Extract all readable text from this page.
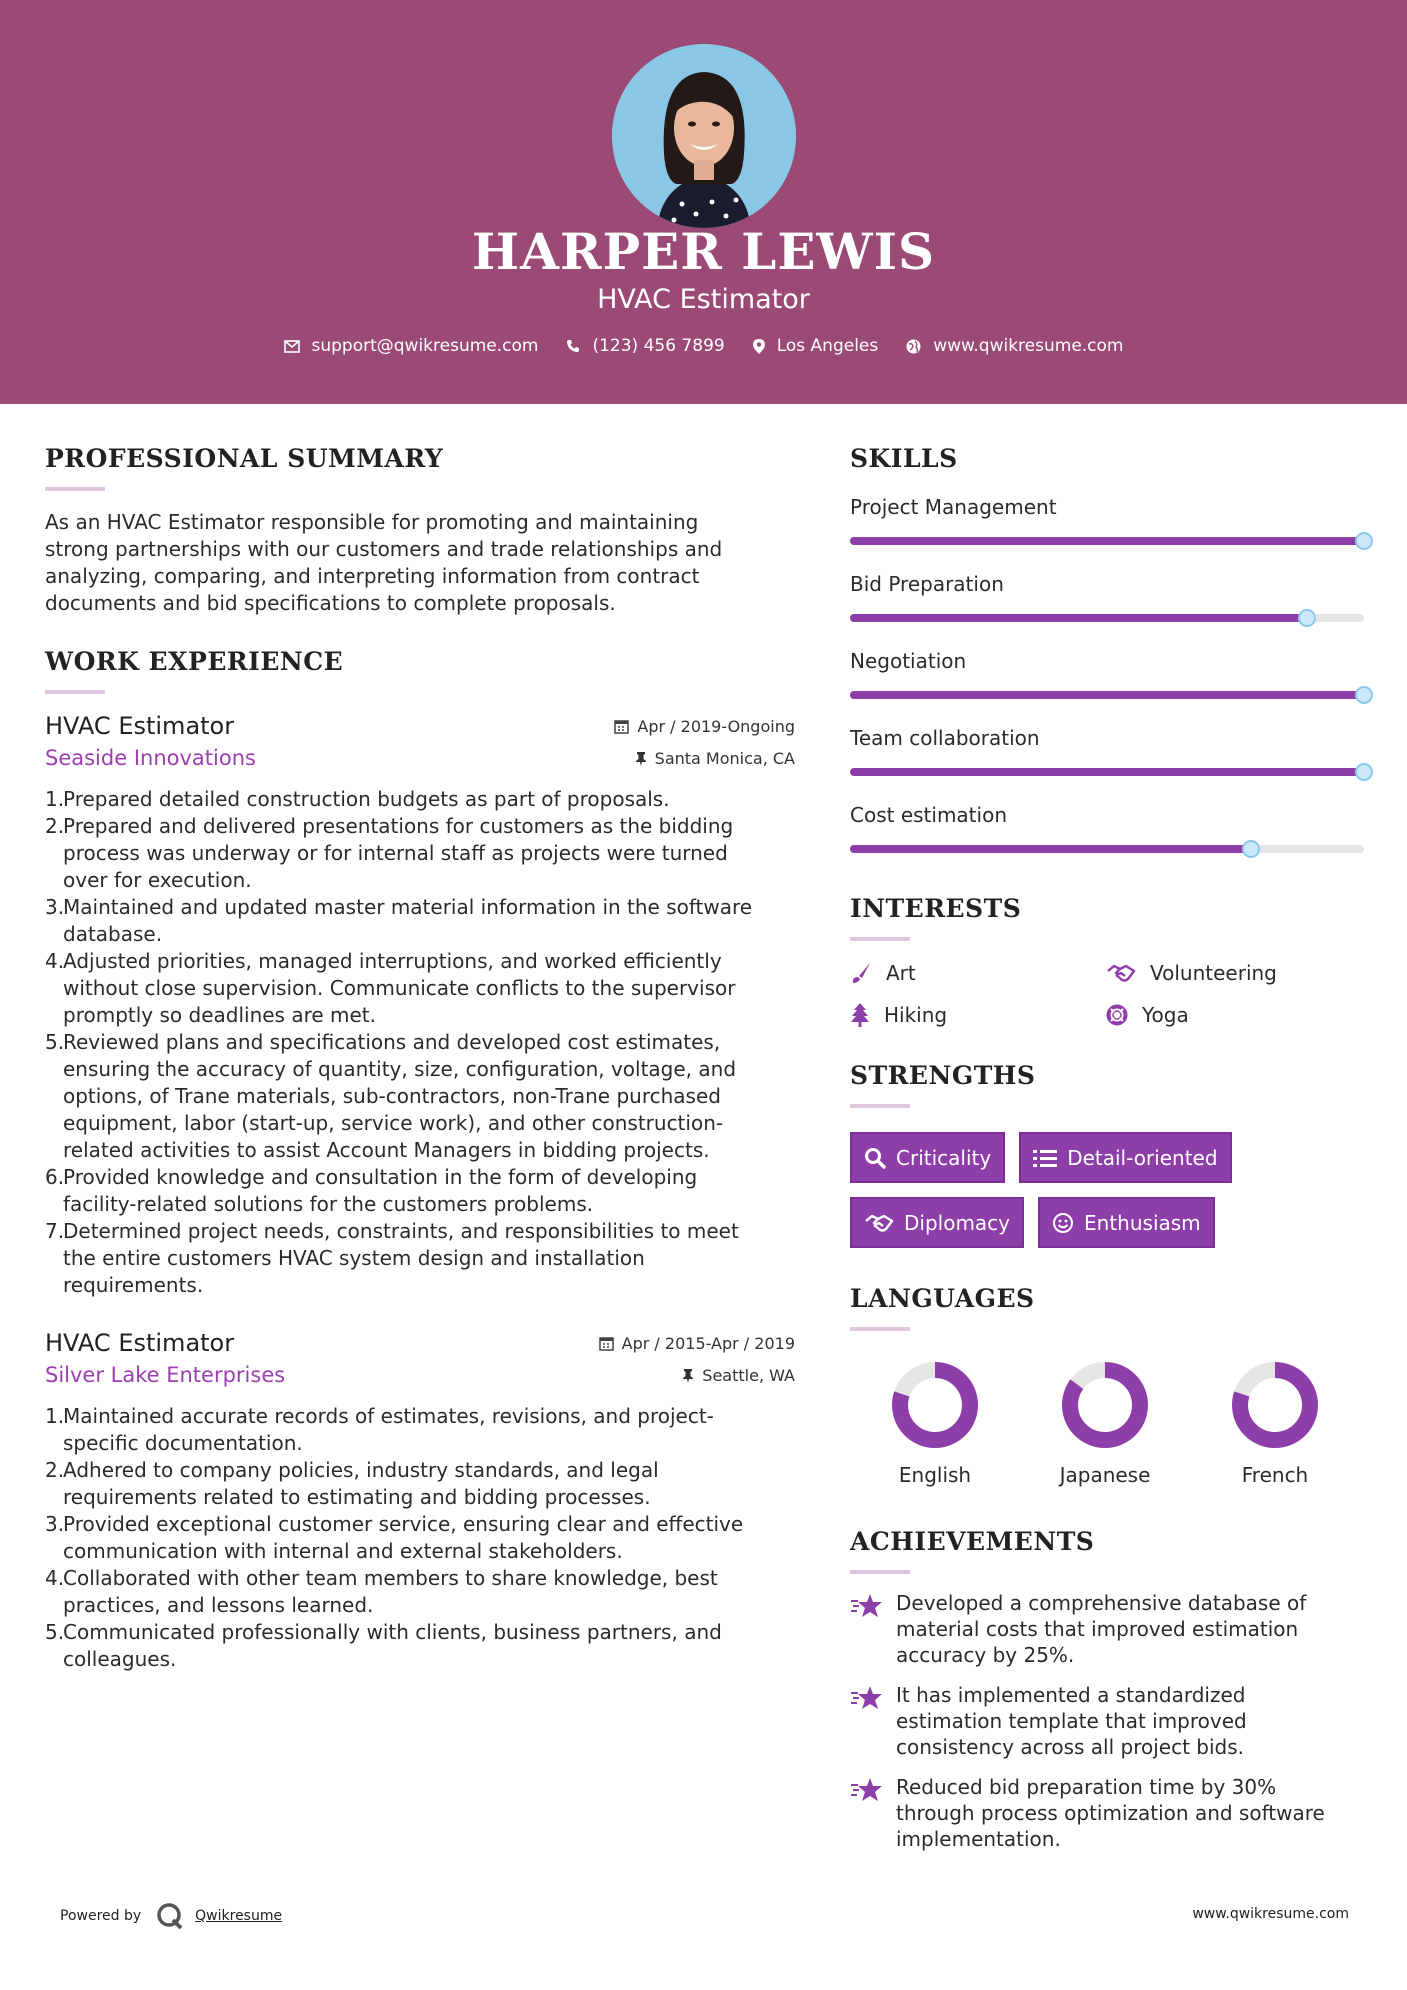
HARPER LEWIS
HVAC Estimator
support@qwikresume.com	(123) 456 7899	Los Angeles	www.qwikresume.com
PROFESSIONAL SUMMARY
As an HVAC Estimator responsible for promoting and maintaining
strong partnerships with our customers and trade relationships and
analyzing, comparing, and interpreting information from contract
documents and bid specifications to complete proposals.
WORK EXPERIENCE
HVAC Estimator	Apr / 2019-Ongoing
Seaside Innovations	Santa Monica, CA
1.
Prepared detailed construction budgets as part of proposals.
2.
Prepared and delivered presentations for customers as the bidding
process was underway or for internal staff as projects were turned
over for execution.
3.
Maintained and updated master material information in the software
database.
4.
Adjusted priorities, managed interruptions, and worked efficiently
without close supervision. Communicate conflicts to the supervisor
promptly so deadlines are met.
5.
Reviewed plans and specifications and developed cost estimates,
ensuring the accuracy of quantity, size, configuration, voltage, and
options, of Trane materials, sub-contractors, non-Trane purchased
equipment, labor (start-up, service work), and other construction-
related activities to assist Account Managers in bidding projects.
6.
Provided knowledge and consultation in the form of developing
facility-related solutions for the customers problems.
7.
Determined project needs, constraints, and responsibilities to meet
the entire customers HVAC system design and installation
requirements.
HVAC Estimator	Apr / 2015-Apr / 2019
Silver Lake Enterprises	Seattle, WA
1.
Maintained accurate records of estimates, revisions, and project-
specific documentation.
2.
Adhered to company policies, industry standards, and legal
requirements related to estimating and bidding processes.
3.
Provided exceptional customer service, ensuring clear and effective
communication with internal and external stakeholders.
4.
Collaborated with other team members to share knowledge, best
practices, and lessons learned.
5.
Communicated professionally with clients, business partners, and
colleagues.
SKILLS
Project Management
Bid Preparation
Negotiation
Team collaboration
Cost estimation
INTERESTS
Art	Volunteering
Hiking	Yoga
STRENGTHS
Criticality	Detail-oriented
Diplomacy	Enthusiasm
LANGUAGES
English	Japanese	French
ACHIEVEMENTS
Developed a comprehensive database of
material costs that improved estimation
accuracy by 25%.
It has implemented a standardized
estimation template that improved
consistency across all project bids.
Reduced bid preparation time by 30%
through process optimization and software
implementation.
Powered by	Qwikresume	www.qwikresume.com
